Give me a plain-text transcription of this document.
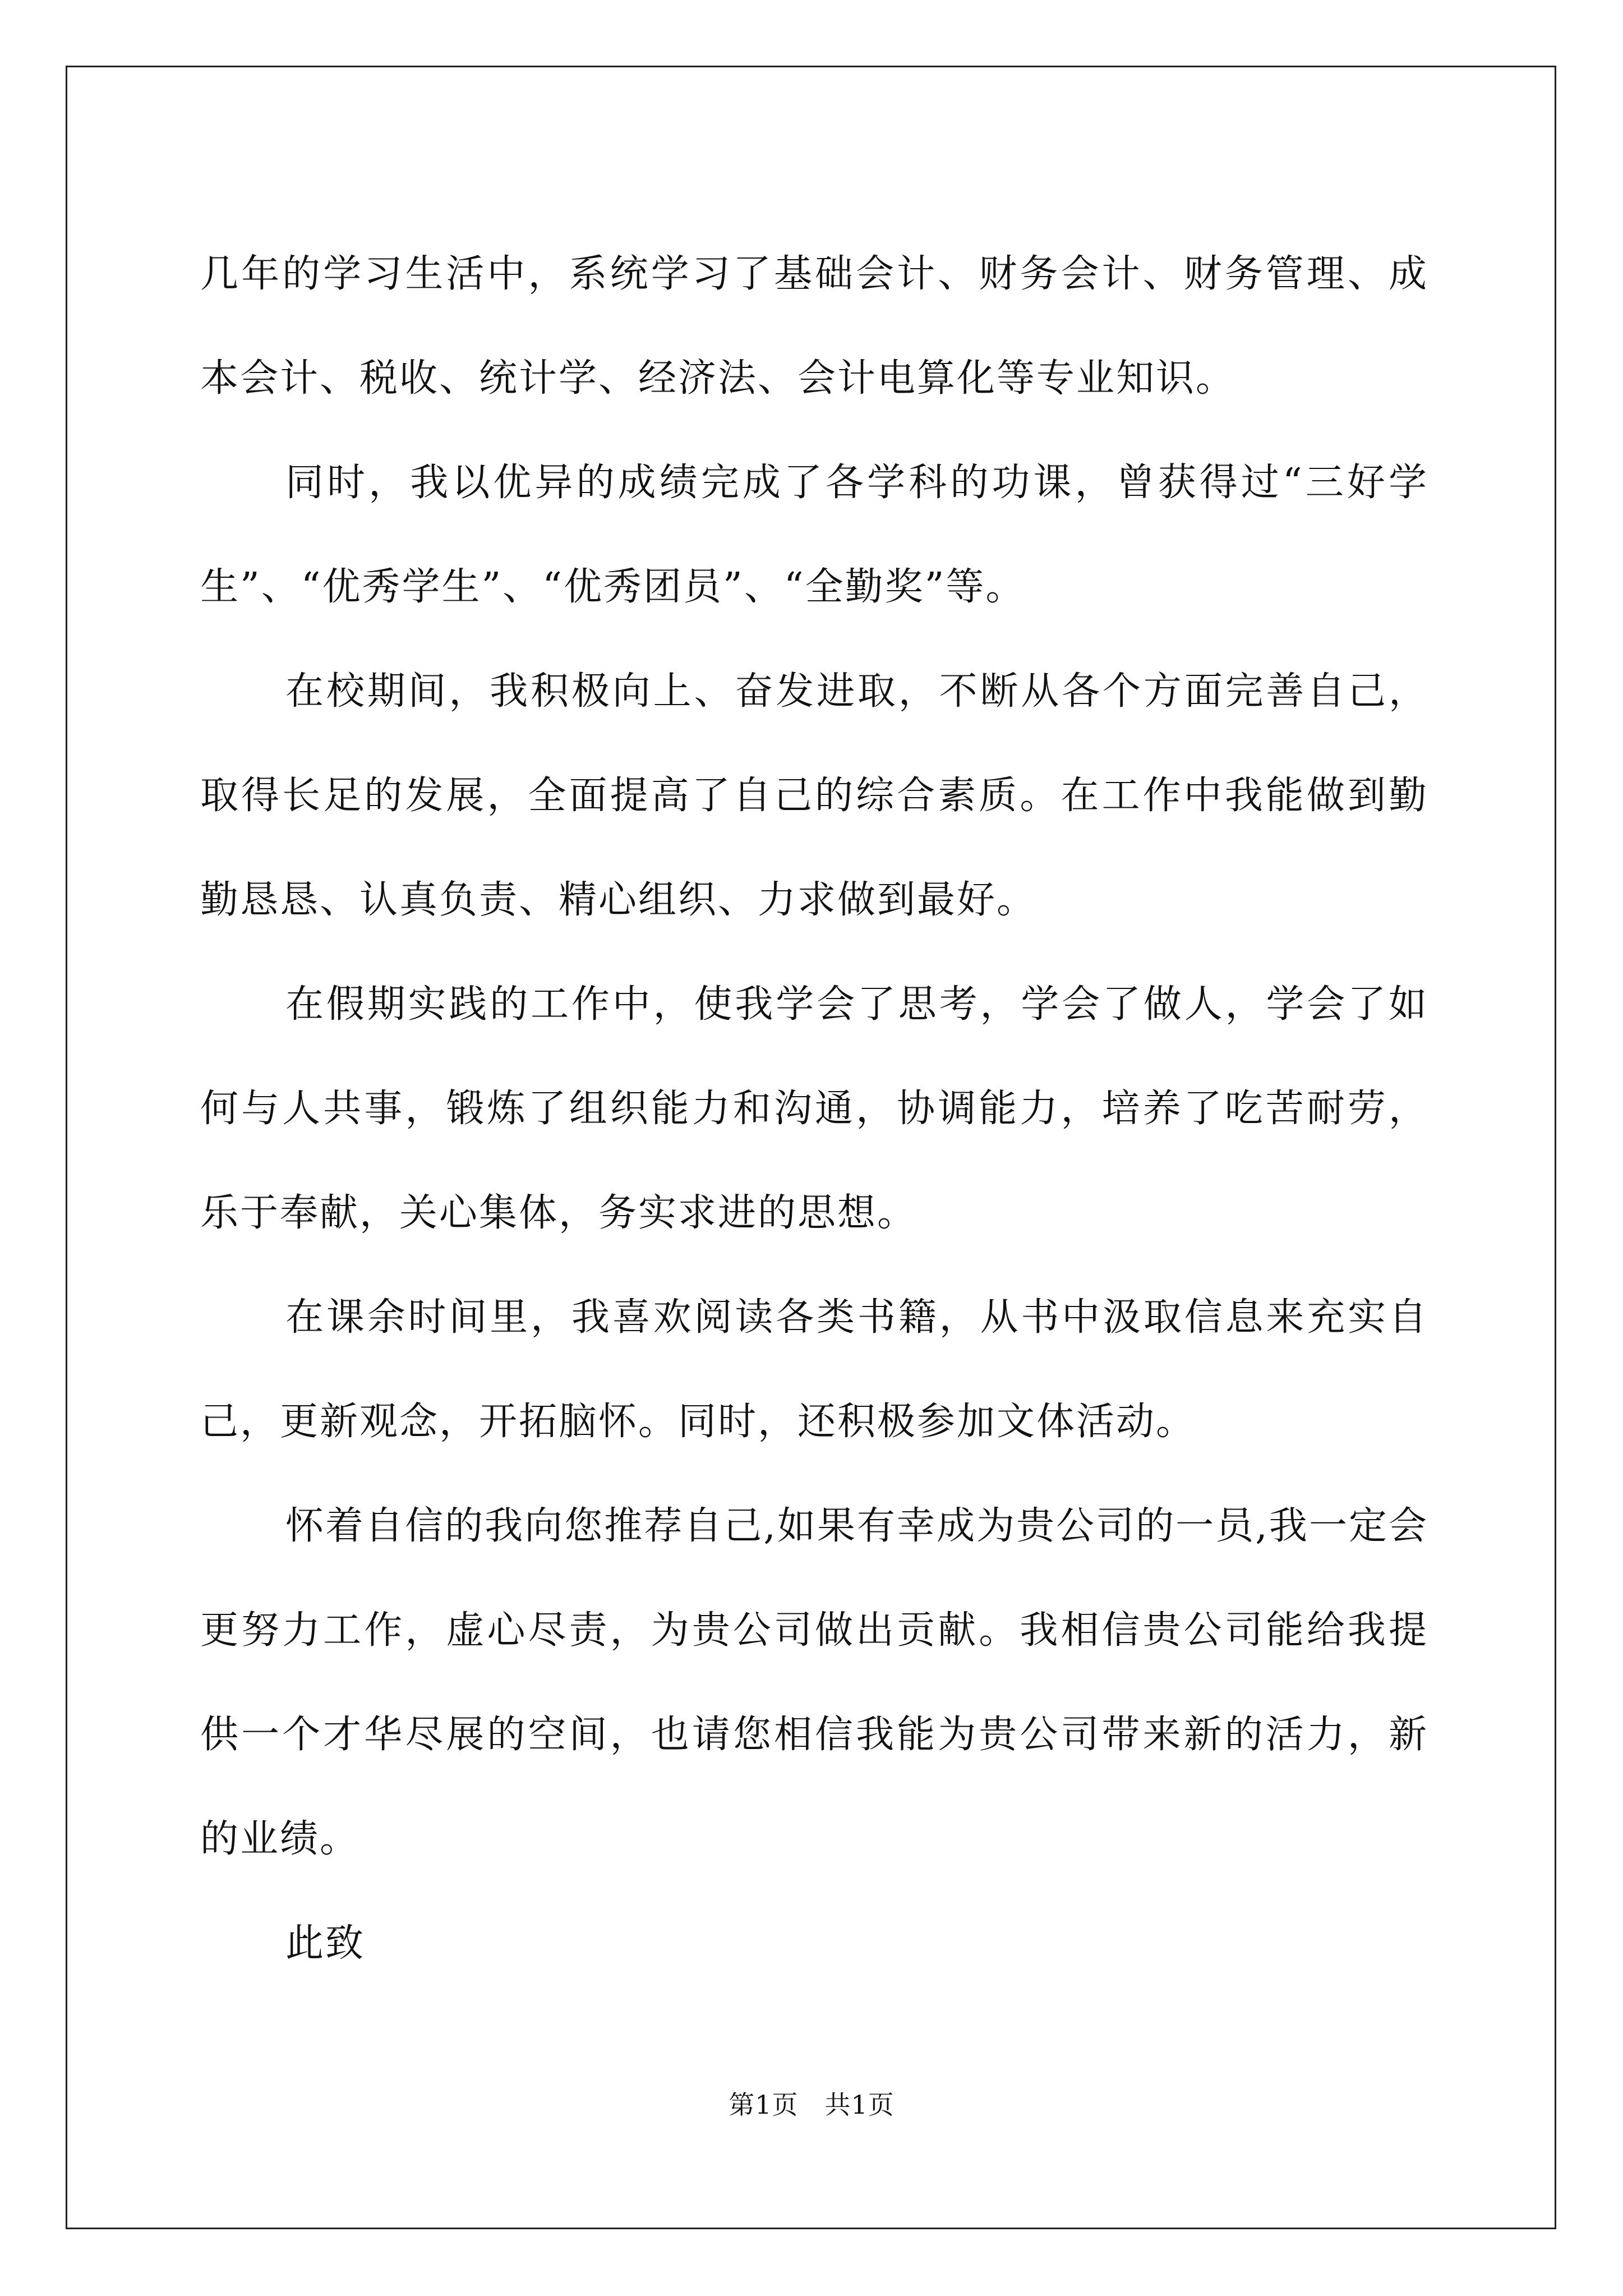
几年的学习生活中，系统学习了基础会计、财务会计、财务管理、成本会计、税收、统计学、经济法、会计电算化等专业知识。

同时，我以优异的成绩完成了各学科的功课，曾获得过“三好学生”、“优秀学生”、“优秀团员”、“全勤奖”等。

在校期间，我积极向上、奋发进取，不断从各个方面完善自己，取得长足的发展，全面提高了自己的综合素质。在工作中我能做到勤勤恳恳、认真负责、精心组织、力求做到最好。

在假期实践的工作中，使我学会了思考，学会了做人，学会了如何与人共事，锻炼了组织能力和沟通，协调能力，培养了吃苦耐劳，乐于奉献，关心集体，务实求进的思想。

在课余时间里，我喜欢阅读各类书籍，从书中汲取信息来充实自己，更新观念，开拓脑怀。同时，还积极参加文体活动。

怀着自信的我向您推荐自己,如果有幸成为贵公司的一员,我一定会更努力工作，虚心尽责，为贵公司做出贡献。我相信贵公司能给我提供一个才华尽展的空间，也请您相信我能为贵公司带来新的活力，新的业绩。

此致

第1页　共1页
